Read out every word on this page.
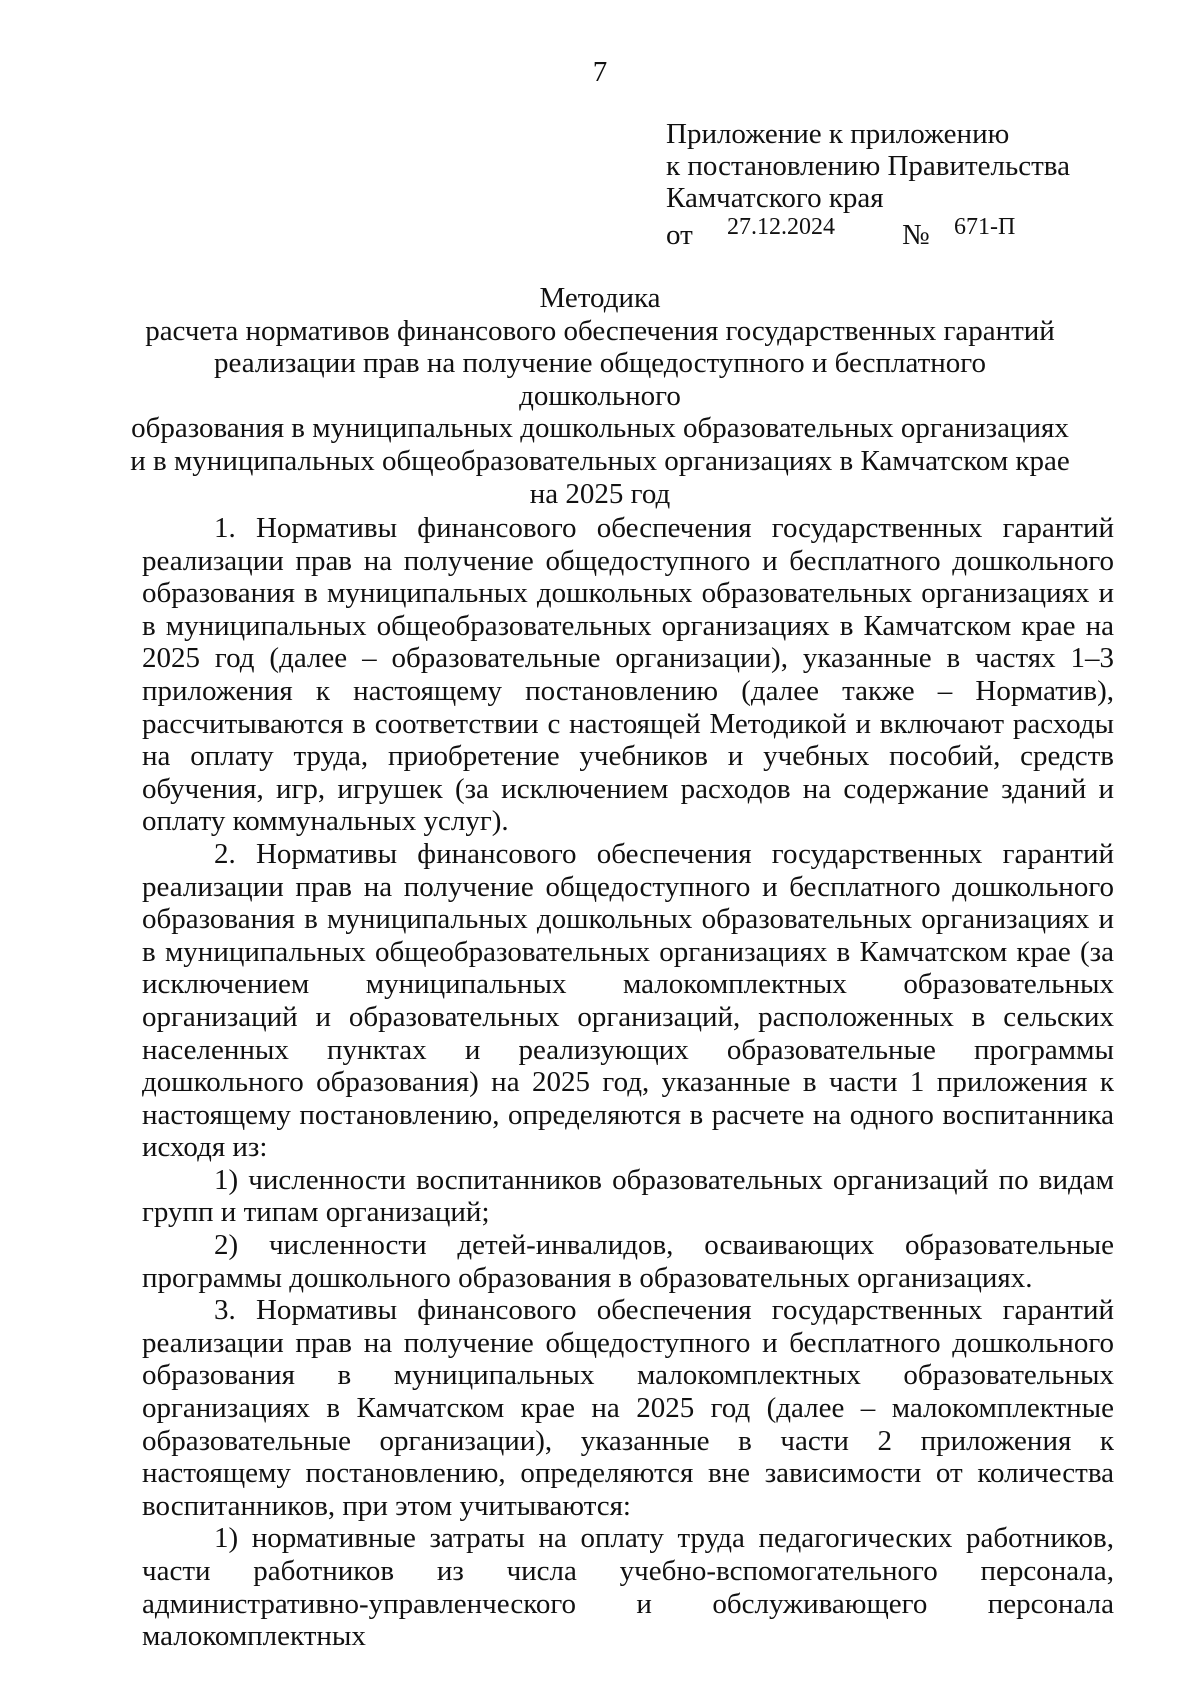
7
Приложение к приложению
к постановлению Правительства
Камчатского края
от 27.12.2024 № 671-П
Методика
расчета нормативов финансового обеспечения государственных гарантий
реализации прав на получение общедоступного и бесплатного дошкольного
образования в муниципальных дошкольных образовательных организациях
и в муниципальных общеобразовательных организациях в Камчатском крае
на 2025 год

1. Нормативы финансового обеспечения государственных гарантий реализации прав на получение общедоступного и бесплатного дошкольного образования в муниципальных дошкольных образовательных организациях и в муниципальных общеобразовательных организациях в Камчатском крае на 2025 год (далее – образовательные организации), указанные в частях 1–3 приложения к настоящему постановлению (далее также – Норматив), рассчитываются в соответствии с настоящей Методикой и включают расходы на оплату труда, приобретение учебников и учебных пособий, средств обучения, игр, игрушек (за исключением расходов на содержание зданий и оплату коммунальных услуг).

2. Нормативы финансового обеспечения государственных гарантий реализации прав на получение общедоступного и бесплатного дошкольного образования в муниципальных дошкольных образовательных организациях и в муниципальных общеобразовательных организациях в Камчатском крае (за исключением муниципальных малокомплектных образовательных организаций и образовательных организаций, расположенных в сельских населенных пунктах и реализующих образовательные программы дошкольного образования) на 2025 год, указанные в части 1 приложения к настоящему постановлению, определяются в расчете на одного воспитанника исходя из:

1) численности воспитанников образовательных организаций по видам групп и типам организаций;

2) численности детей-инвалидов, осваивающих образовательные программы дошкольного образования в образовательных организациях.

3. Нормативы финансового обеспечения государственных гарантий реализации прав на получение общедоступного и бесплатного дошкольного образования в муниципальных малокомплектных образовательных организациях в Камчатском крае на 2025 год (далее – малокомплектные образовательные организации), указанные в части 2 приложения к настоящему постановлению, определяются вне зависимости от количества воспитанников, при этом учитываются:

1) нормативные затраты на оплату труда педагогических работников, части работников из числа учебно-вспомогательного персонала, административно-управленческого и обслуживающего персонала малокомплектных
